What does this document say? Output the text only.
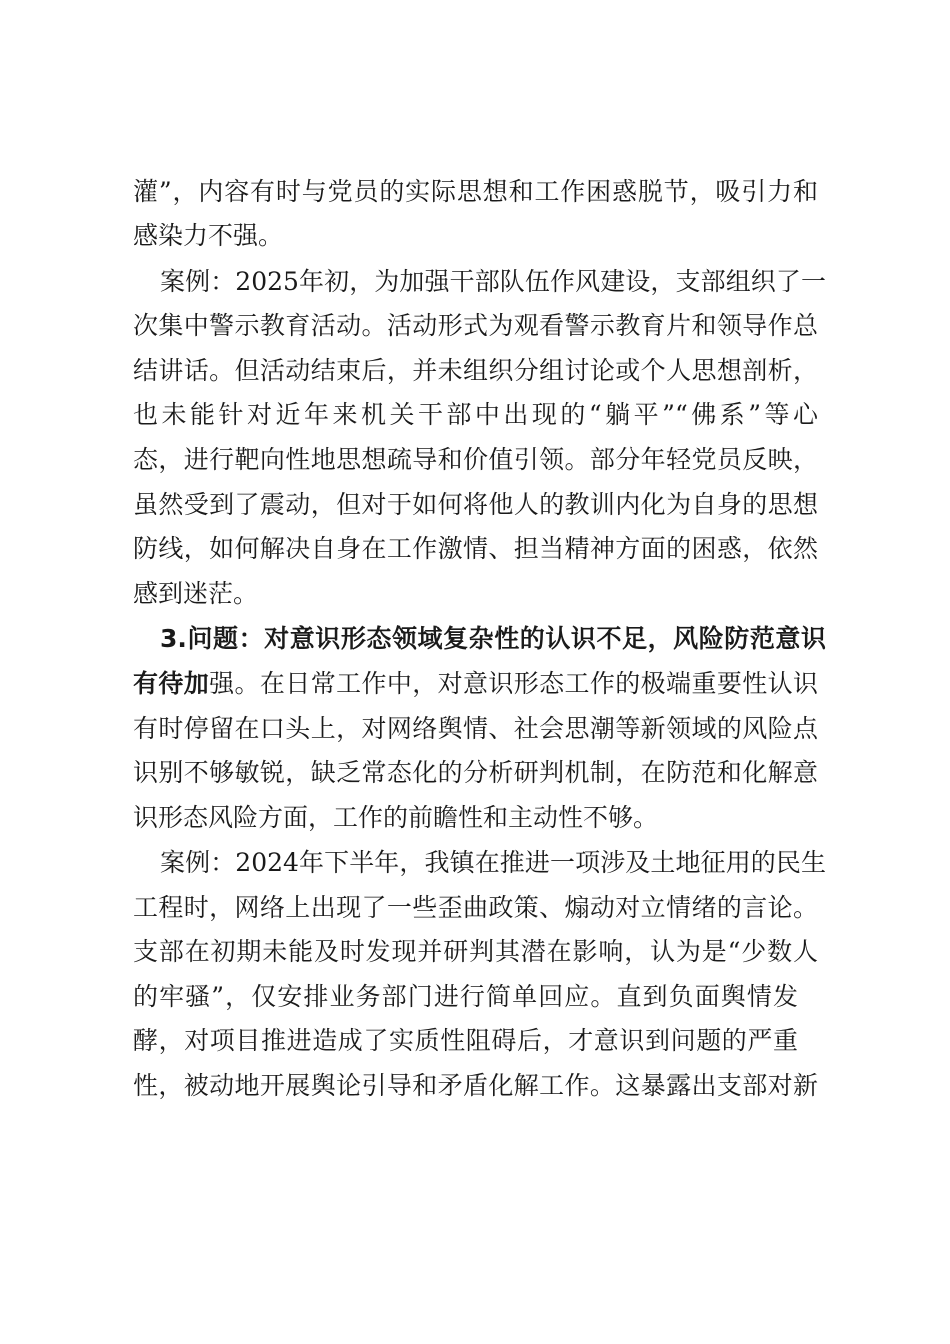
灌”，内容有时与党员的实际思想和工作困惑脱节，吸引力和
感染力不强。
案例：2025年初，为加强干部队伍作风建设，支部组织了一
次集中警示教育活动。活动形式为观看警示教育片和领导作总
结讲话。但活动结束后，并未组织分组讨论或个人思想剖析，
也未能针对近年来机关干部中出现的“躺平”“佛系”等心
态，进行靶向性地思想疏导和价值引领。部分年轻党员反映，
虽然受到了震动，但对于如何将他人的教训内化为自身的思想
防线，如何解决自身在工作激情、担当精神方面的困惑，依然
感到迷茫。
3.问题：对意识形态领域复杂性的认识不足，风险防范意识
有待加强。在日常工作中，对意识形态工作的极端重要性认识
有时停留在口头上，对网络舆情、社会思潮等新领域的风险点
识别不够敏锐，缺乏常态化的分析研判机制，在防范和化解意
识形态风险方面，工作的前瞻性和主动性不够。
案例：2024年下半年，我镇在推进一项涉及土地征用的民生
工程时，网络上出现了一些歪曲政策、煽动对立情绪的言论。
支部在初期未能及时发现并研判其潜在影响，认为是“少数人
的牢骚”，仅安排业务部门进行简单回应。直到负面舆情发
酵，对项目推进造成了实质性阻碍后，才意识到问题的严重
性，被动地开展舆论引导和矛盾化解工作。这暴露出支部对新
